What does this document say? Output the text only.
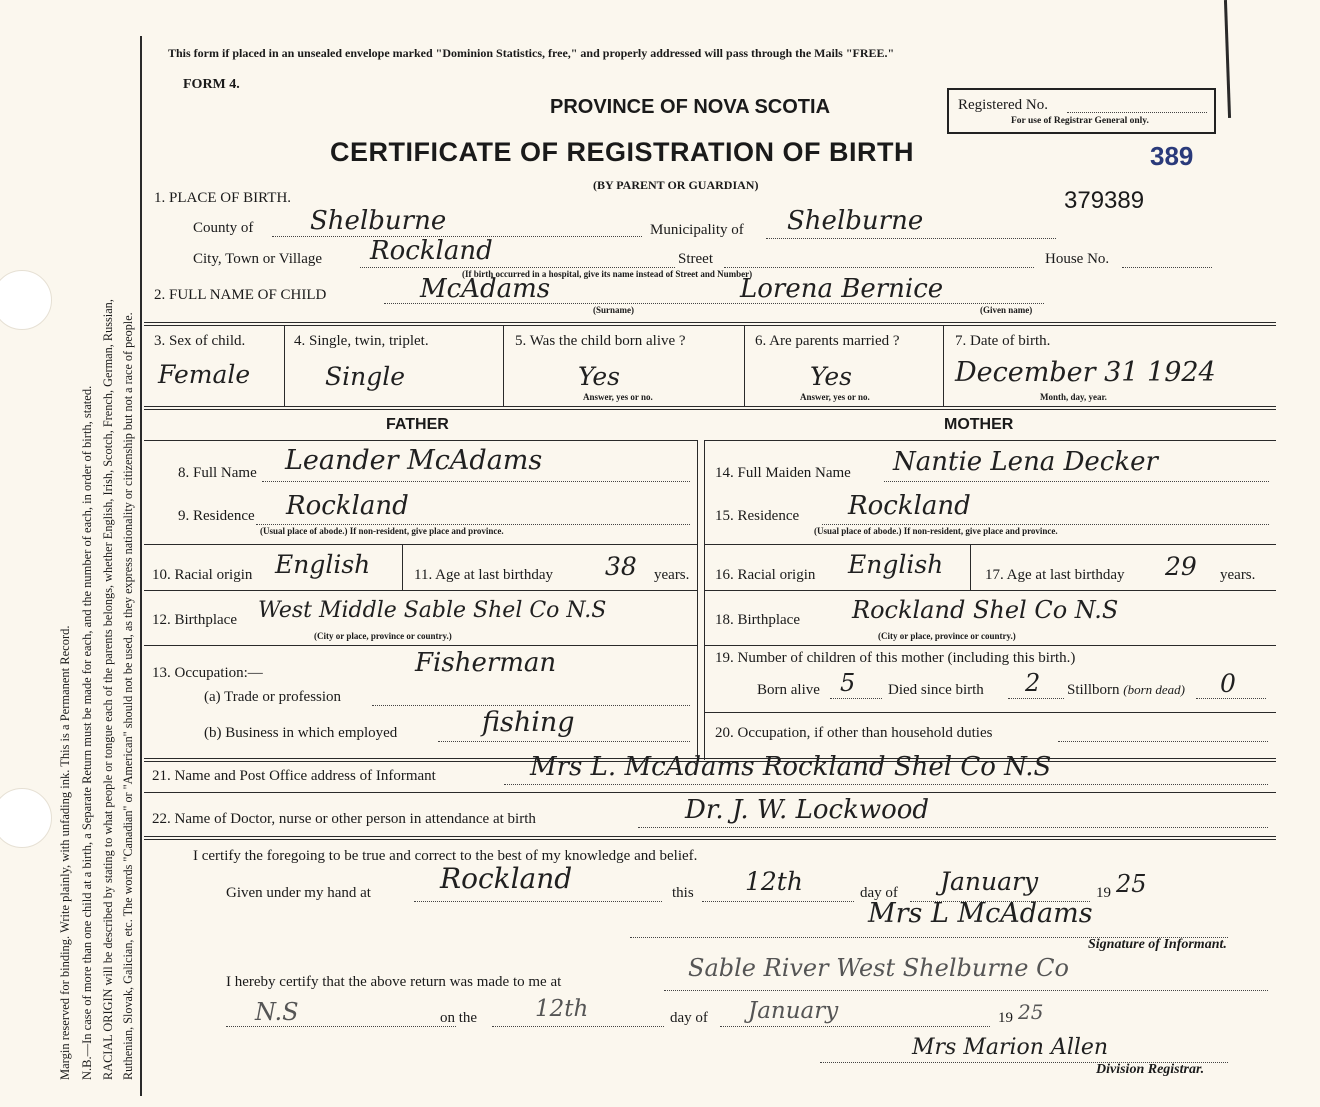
Margin reserved for binding. Write plainly, with unfading ink. This is a Permanent Record. N.B.—In case of more than one child at a birth, a Separate Return must be made for each, and the number of each, in order of birth, stated. RACIAL ORIGIN will be described by stating to what people or tongue each of the parents belongs, whether English, Irish, Scotch, French, German, Russian, Ruthenian, Slovak, Galician, etc. The words "Canadian" or "American" should not be used, as they express nationality or citizenship but not a race of people.
This form if placed in an unsealed envelope marked "Dominion Statistics, free," and properly addressed will pass through the Mails "FREE."
FORM 4.
PROVINCE OF NOVA SCOTIA	Registered No.
For use of Registrar General only.
CERTIFICATE OF REGISTRATION OF BIRTH	389
(BY PARENT OR GUARDIAN)
379389
1. PLACE OF BIRTH.
County of Shelburne	Municipality of Shelburne
City, Town or Village Rockland	Street	House No.
(If birth occurred in a hospital, give its name instead of Street and Number)
2. FULL NAME OF CHILD	McAdams	Lorena Bernice
(Surname)	(Given name)
3. Sex of child.
Female
4. Single, twin, triplet.
Single
5. Was the child born alive ?
Yes
Answer, yes or no.
6. Are parents married ?
Yes
Answer, yes or no.
7. Date of birth.
December 31 1924
Month, day, year.
FATHER	MOTHER
8. Full Name Leander McAdams
9. Residence Rockland
(Usual place of abode.) If non-resident, give place and province.
10. Racial origin English	11. Age at last birthday 38 years.
12. Birthplace West Middle Sable Shel Co N.S
(City or place, province or country.)
13. Occupation:—	Fisherman
(a) Trade or profession
(b) Business in which employed	fishing
14. Full Maiden Name Nantie Lena Decker
15. Residence Rockland
(Usual place of abode.) If non-resident, give place and province.
16. Racial origin English	17. Age at last birthday 29 years.
18. Birthplace Rockland Shel Co N.S
(City or place, province or country.)
19. Number of children of this mother (including this birth.)
Born alive 5 Died since birth 2 Stillborn (born dead) 0
20. Occupation, if other than household duties
21. Name and Post Office address of Informant	Mrs L. McAdams Rockland Shel Co N.S
22. Name of Doctor, nurse or other person in attendance at birth	Dr. J. W. Lockwood
I certify the foregoing to be true and correct to the best of my knowledge and belief.
Given under my hand at Rockland	this 12th	day of January	19 25
Mrs L McAdams
Signature of Informant.
I hereby certify that the above return was made to me at	Sable River West Shelburne Co
N.S	on the	12th	day of January	19 25
Mrs Marion Allen
Division Registrar.
